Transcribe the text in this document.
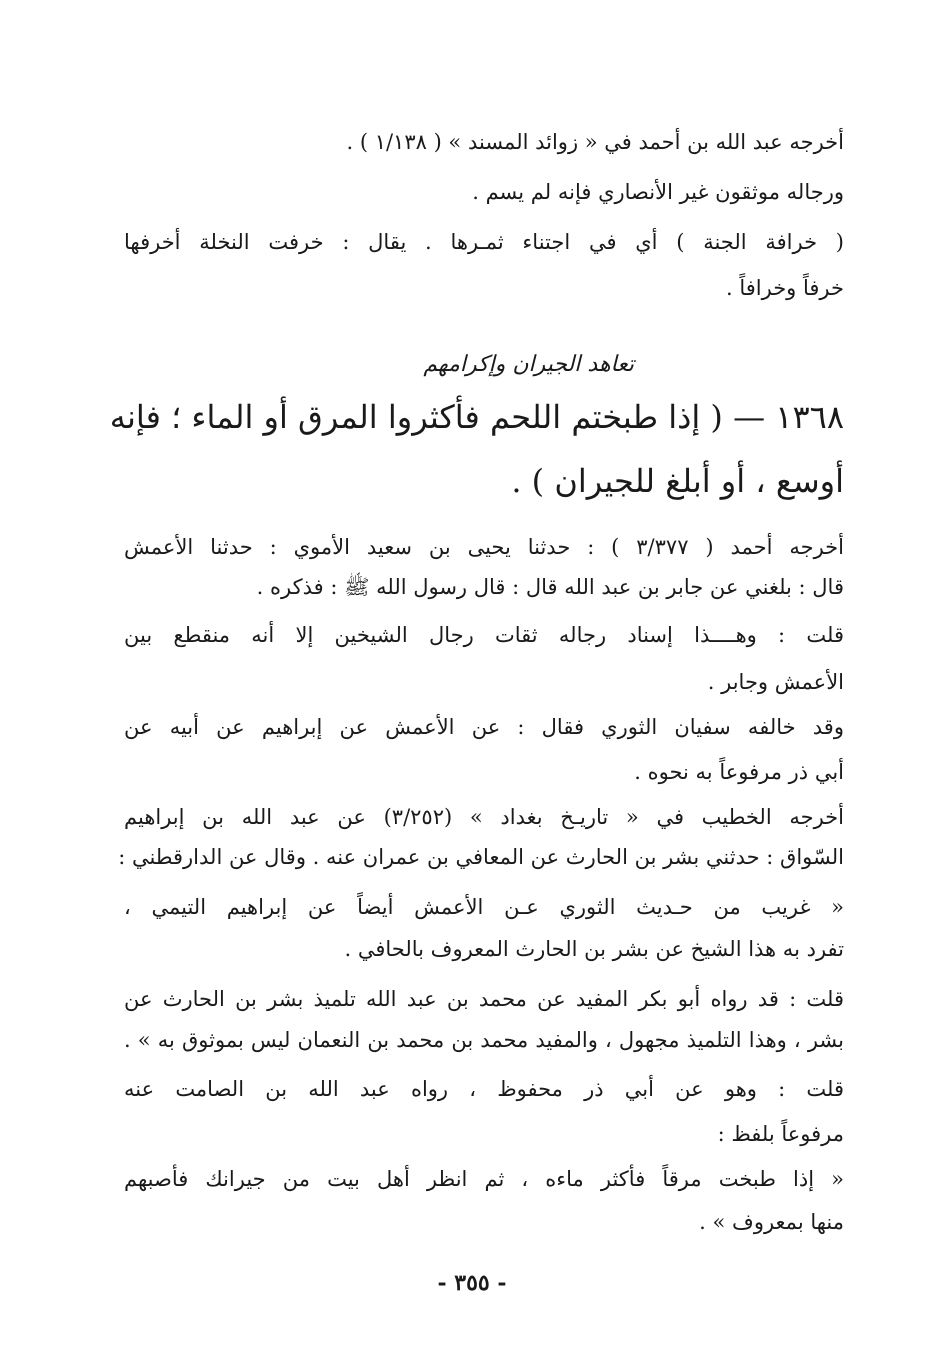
أخرجه عبد الله بن أحمد في « زوائد المسند » ( ١/١٣٨ ) .
ورجاله موثقون غير الأنصاري فإنه لم يسم .
( خرافة الجنة ) أي في اجتناء ثمـرها . يقال : خرفت النخلة أخرفها
خرفاً وخرافاً .
تعاهد الجيران وإكرامهم
١٣٦٨ — ( إذا طبختم اللحم فأكثروا المرق أو الماء ؛ فإنه
أوسع ، أو أبلغ للجيران ) .
أخرجه أحمد ( ٣/٣٧٧ ) : حدثنا يحيى بن سعيد الأموي : حدثنا الأعمش
قال : بلغني عن جابر بن عبد الله قال : قال رسول الله ﷺ : فذكره .
قلت : وهــــذا إسناد رجاله ثقات رجال الشيخين إلا أنه منقطع بين
الأعمش وجابر .
وقد خالفه سفيان الثوري فقال : عن الأعمش عن إبراهيم عن أبيه عن
أبي ذر مرفوعاً به نحوه .
أخرجه الخطيب في « تاريـخ بغداد » (٣/٢٥٢) عن عبد الله بن إبراهيم
السّواق : حدثني بشر بن الحارث عن المعافي بن عمران عنه . وقال عن الدارقطني :
« غريب من حـديث الثوري عـن الأعمش أيضاً عن إبراهيم التيمي ،
تفرد به هذا الشيخ عن بشر بن الحارث المعروف بالحافي .
قلت : قد رواه أبو بكر المفيد عن محمد بن عبد الله تلميذ بشر بن الحارث عن
بشر ، وهذا التلميذ مجهول ، والمفيد محمد بن محمد بن النعمان ليس بموثوق به » .
قلت : وهو عن أبي ذر محفوظ ، رواه عبد الله بن الصامت عنه
مرفوعاً بلفظ :
« إذا طبخت مرقاً فأكثر ماءه ، ثم انظر أهل بيت من جيرانك فأصبهم
منها بمعروف » .
- ٣٥٥ -
